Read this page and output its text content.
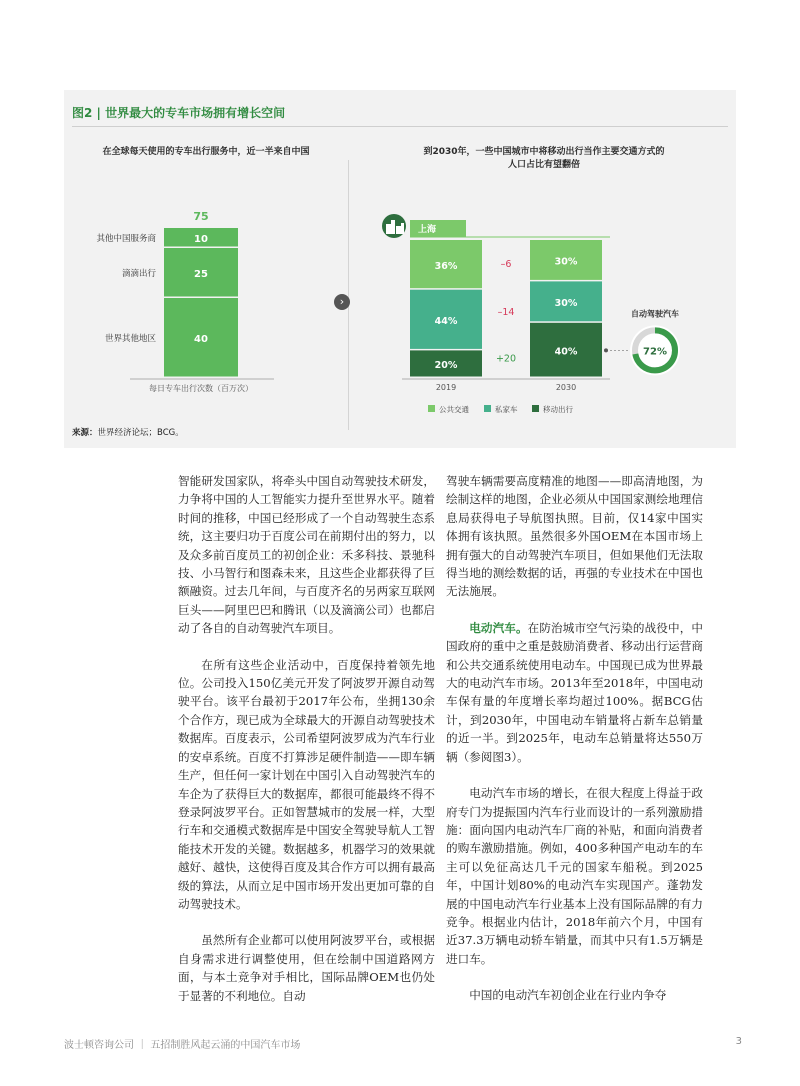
图2 | 世界最大的专车市场拥有增长空间
在全球每天使用的专车出行服务中，近一半来自中国	到2030年，一些中国城市中将移动出行当作主要交通方式的
人口占比有望翻倍
›
40
世界其他地区
25
滴滴出行
10
其他中国服务商
75
每日专车出行次数（百万次）
20%
44%
36%
2019
40%
30%
30%
2030
+20
–14
–6
上海
自动驾驶汽车
72%
公共交通	私家车	移动出行
来源：世界经济论坛；BCG。

智能研发国家队，将牵头中国自动驾驶技术研发，力争将中国的人工智能实力提升至世界水平。随着时间的推移，中国已经形成了一个自动驾驶生态系统，这主要归功于百度公司在前期付出的努力，以及众多前百度员工的初创企业：禾多科技、景驰科技、小马智行和图森未来，且这些企业都获得了巨额融资。过去几年间，与百度齐名的另两家互联网巨头——阿里巴巴和腾讯（以及滴滴公司）也都启动了各自的自动驾驶汽车项目。

在所有这些企业活动中，百度保持着领先地位。公司投入150亿美元开发了阿波罗开源自动驾驶平台。该平台最初于2017年公布，坐拥130余个合作方，现已成为全球最大的开源自动驾驶技术数据库。百度表示，公司希望阿波罗成为汽车行业的安卓系统。百度不打算涉足硬件制造——即车辆生产，但任何一家计划在中国引入自动驾驶汽车的车企为了获得巨大的数据库，都很可能最终不得不登录阿波罗平台。正如智慧城市的发展一样，大型行车和交通模式数据库是中国安全驾驶导航人工智能技术开发的关键。数据越多，机器学习的效果就越好、越快，这使得百度及其合作方可以拥有最高级的算法，从而立足中国市场开发出更加可靠的自动驾驶技术。

虽然所有企业都可以使用阿波罗平台，或根据自身需求进行调整使用，但在绘制中国道路网方面，与本土竞争对手相比，国际品牌OEM也仍处于显著的不利地位。自动

驾驶车辆需要高度精准的地图——即高清地图，为绘制这样的地图，企业必须从中国国家测绘地理信息局获得电子导航图执照。目前，仅14家中国实体拥有该执照。虽然很多外国OEM在本国市场上拥有强大的自动驾驶汽车项目，但如果他们无法取得当地的测绘数据的话，再强的专业技术在中国也无法施展。

电动汽车。在防治城市空气污染的战役中，中国政府的重中之重是鼓励消费者、移动出行运营商和公共交通系统使用电动车。中国现已成为世界最大的电动汽车市场。2013年至2018年，中国电动车保有量的年度增长率均超过100%。据BCG估计，到2030年，中国电动车销量将占新车总销量的近一半。到2025年，电动车总销量将达550万辆（参阅图3）。

电动汽车市场的增长，在很大程度上得益于政府专门为提振国内汽车行业而设计的一系列激励措施：面向国内电动汽车厂商的补贴，和面向消费者的购车激励措施。例如，400多种国产电动车的车主可以免征高达几千元的国家车船税。到2025年，中国计划80%的电动汽车实现国产。蓬勃发展的中国电动汽车行业基本上没有国际品牌的有力竞争。根据业内估计，2018年前六个月，中国有近37.3万辆电动轿车销量，而其中只有1.5万辆是进口车。

中国的电动汽车初创企业在行业内争夺

波士顿咨询公司 ｜ 五招制胜风起云涌的中国汽车市场	3
